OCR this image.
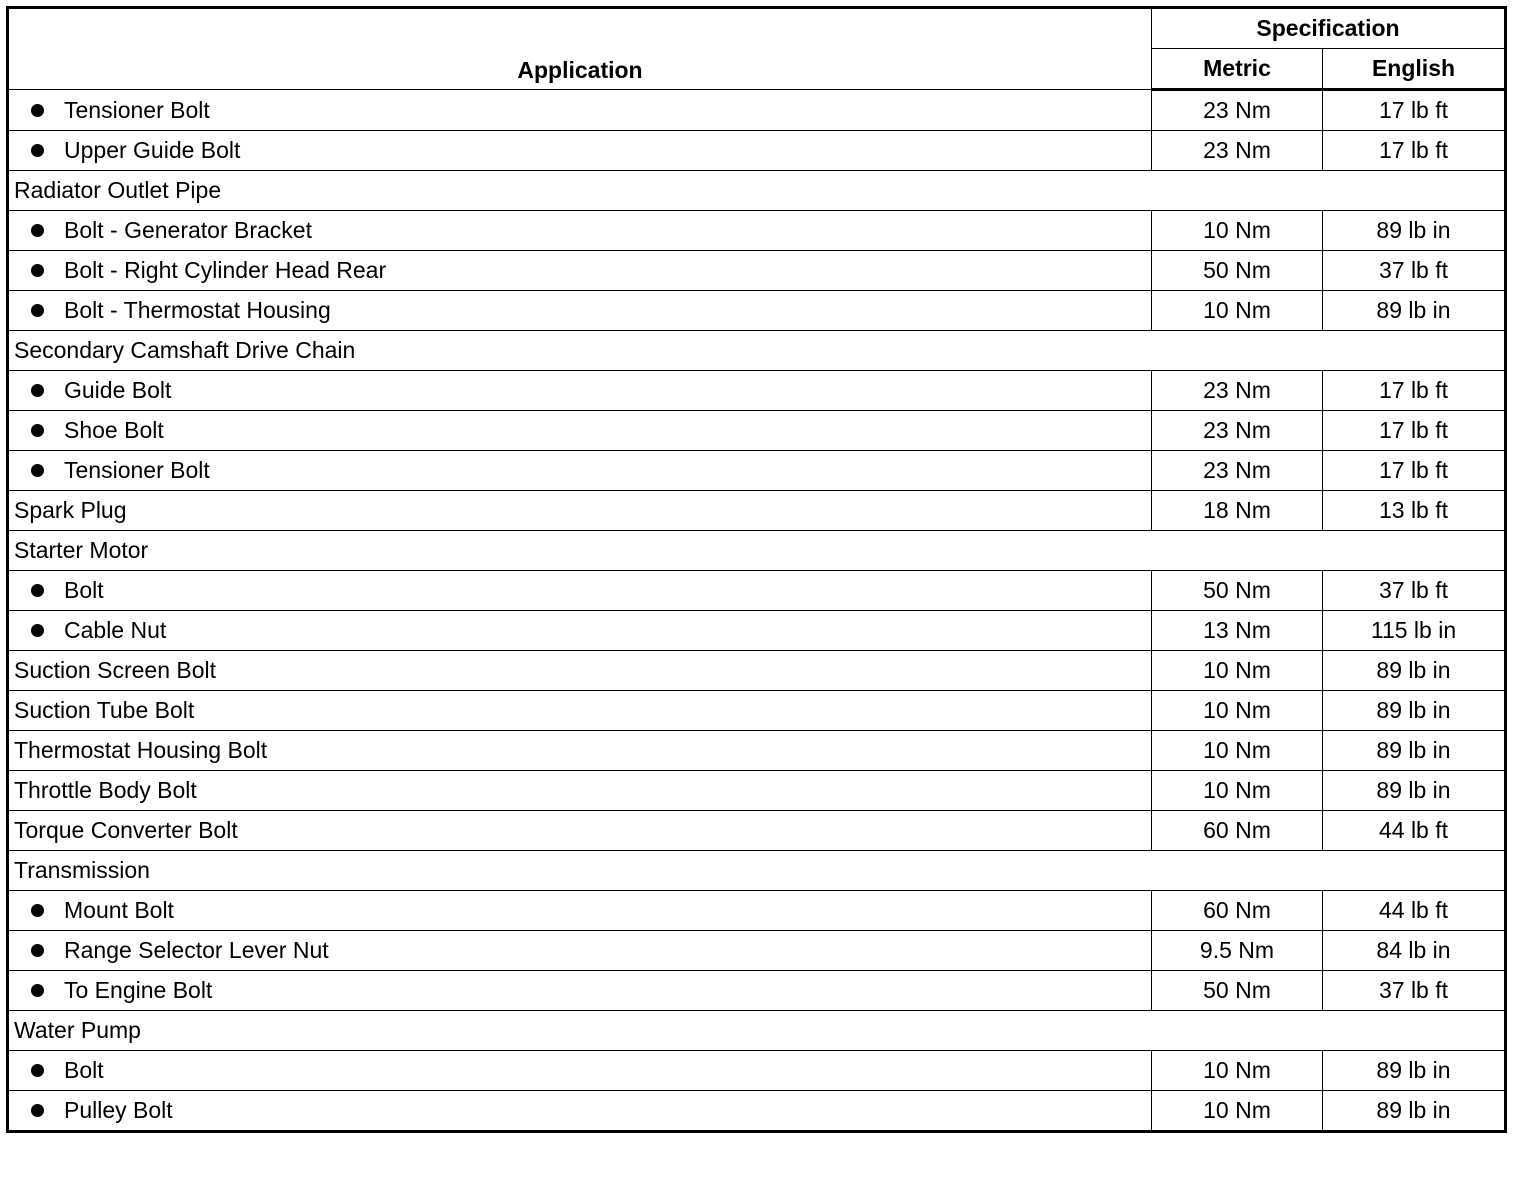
Application	Specification	
	Metric	English
Tensioner Bolt	23 Nm	17 lb ft
Upper Guide Bolt	23 Nm	17 lb ft
Radiator Outlet Pipe		
Bolt - Generator Bracket	10 Nm	89 lb in
Bolt - Right Cylinder Head Rear	50 Nm	37 lb ft
Bolt - Thermostat Housing	10 Nm	89 lb in
Secondary Camshaft Drive Chain		
Guide Bolt	23 Nm	17 lb ft
Shoe Bolt	23 Nm	17 lb ft
Tensioner Bolt	23 Nm	17 lb ft
Spark Plug	18 Nm	13 lb ft
Starter Motor		
Bolt	50 Nm	37 lb ft
Cable Nut	13 Nm	115 lb in
Suction Screen Bolt	10 Nm	89 lb in
Suction Tube Bolt	10 Nm	89 lb in
Thermostat Housing Bolt	10 Nm	89 lb in
Throttle Body Bolt	10 Nm	89 lb in
Torque Converter Bolt	60 Nm	44 lb ft
Transmission		
Mount Bolt	60 Nm	44 lb ft
Range Selector Lever Nut	9.5 Nm	84 lb in
To Engine Bolt	50 Nm	37 lb ft
Water Pump		
Bolt	10 Nm	89 lb in
Pulley Bolt	10 Nm	89 lb in
